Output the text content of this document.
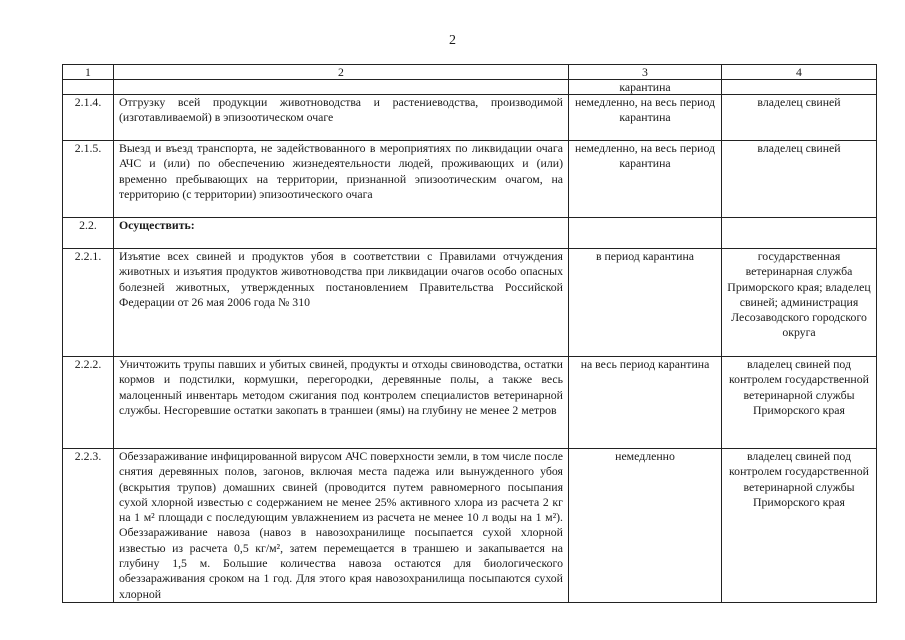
2
1	2	3	4
		карантина	
2.1.4.	Отгрузку всей продукции животноводства и растениеводства, производимой (изготавливаемой) в эпизоотическом очаге	немедленно, на весь период карантина	владелец свиней
2.1.5.	Выезд и въезд транспорта, не задействованного в мероприятиях по ликвидации очага АЧС и (или) по обеспечению жизнедеятельности людей, проживающих и (или) временно пребывающих на территории, признанной эпизоотическим очагом, на территорию (с территории) эпизоотического очага	немедленно, на весь период карантина	владелец свиней
2.2.	Осуществить:		
2.2.1.	Изъятие всех свиней и продуктов убоя в соответствии с Правилами отчуждения животных и изъятия продуктов животноводства при ликвидации очагов особо опасных болезней животных, утвержденных постановлением Правительства Российской Федерации от 26 мая 2006 года № 310	в период карантина	государственная ветеринарная служба Приморского края; владелец свиней; администрация Лесозаводского городского округа
2.2.2.	Уничтожить трупы павших и убитых свиней, продукты и отходы свиноводства, остатки кормов и подстилки, кормушки, перегородки, деревянные полы, а также весь малоценный инвентарь методом сжигания под контролем специалистов ветеринарной службы. Несгоревшие остатки закопать в траншеи (ямы) на глубину не менее 2 метров	на весь период карантина	владелец свиней под контролем государственной ветеринарной службы Приморского края
2.2.3.	Обеззараживание инфицированной вирусом АЧС поверхности земли, в том числе после снятия деревянных полов, загонов, включая места падежа или вынужденного убоя (вскрытия трупов) домашних свиней (проводится путем равномерного посыпания сухой хлорной известью с содержанием не менее 25% активного хлора из расчета 2 кг на 1 м² площади с последующим увлажнением из расчета не менее 10 л воды на 1 м²). Обеззараживание навоза (навоз в навозохранилище посыпается сухой хлорной известью из расчета 0,5 кг/м², затем перемещается в траншею и закапывается на глубину 1,5 м. Большие количества навоза остаются для биологического обеззараживания сроком на 1 год. Для этого края навозохранилища посыпаются сухой хлорной	немедленно	владелец свиней под контролем государственной ветеринарной службы Приморского края
